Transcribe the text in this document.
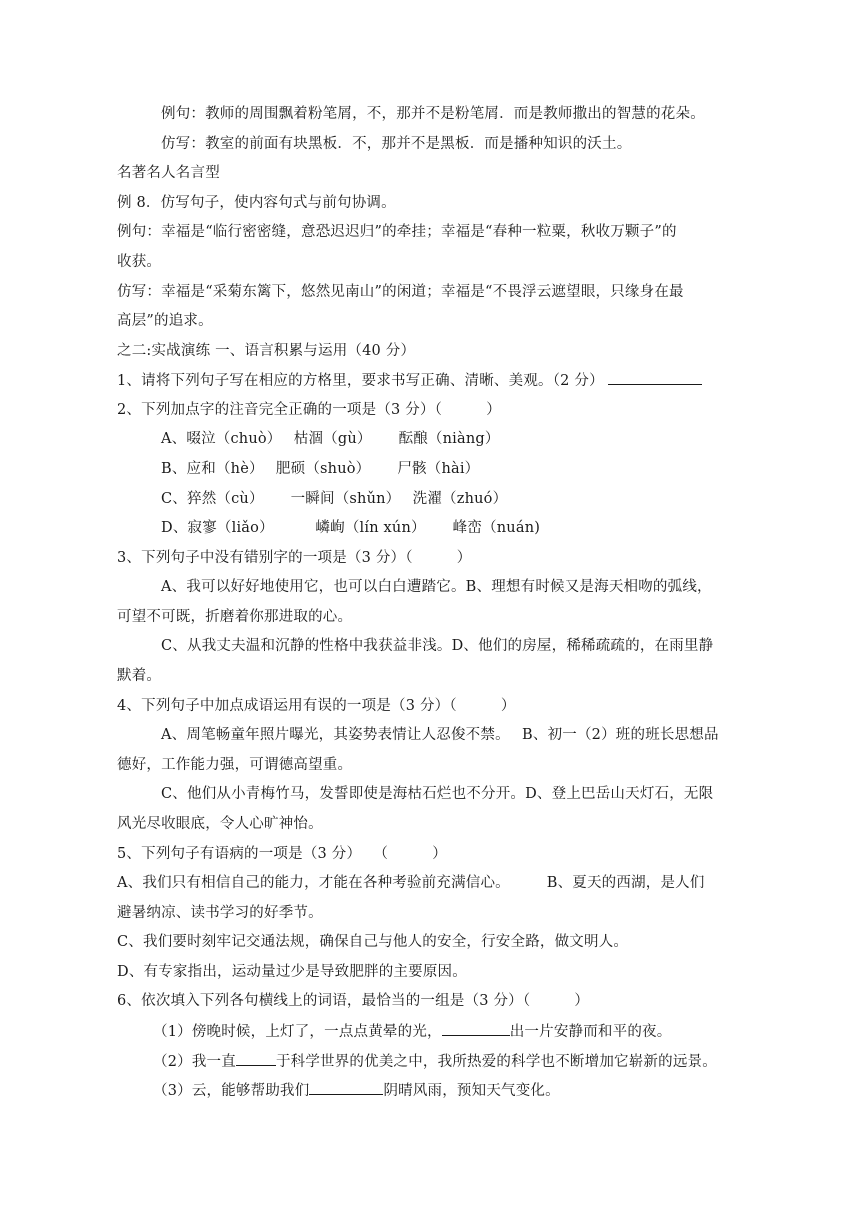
例句：教师的周围飘着粉笔屑，不，那并不是粉笔屑．而是教师撒出的智慧的花朵。
仿写：教室的前面有块黑板．不，那并不是黑板．而是播种知识的沃土。
名著名人名言型
例 8．仿写句子，使内容句式与前句协调。
例句：幸福是“临行密密缝，意恐迟迟归”的牵挂；幸福是“春种一粒粟，秋收万颗子”的
收获。
仿写：幸福是“采菊东篱下，悠然见南山”的闲道；幸福是“不畏浮云遮望眼，只缘身在最
高层”的追求。
之二:实战演练 一、语言积累与运用（40 分）
1、请将下列句子写在相应的方格里，要求书写正确、清晰、美观。（2 分）
2、下列加点字的注音完全正确的一项是（3 分）（　　　）
A、啜泣（chuò）　 枯涸（gù）　　 酝酿（niàng）
B、应和（hè）　 肥硕（shuò）　　 尸骸（hài）
C、猝然（cù）　　 一瞬间（shǔn）　 洗濯（zhuó）
D、寂寥（liǎo）　　　 嶙峋（lín xún）　　 峰峦（nuán)
3、下列句子中没有错别字的一项是（3 分）（　　　）
A、我可以好好地使用它，也可以白白遭踏它。B、理想有时候又是海天相吻的弧线，
可望不可既，折磨着你那进取的心。
C、从我丈夫温和沉静的性格中我获益非浅。D、他们的房屋，稀稀疏疏的，在雨里静
默着。
4、下列句子中加点成语运用有误的一项是（3 分）（　　　）
A、周笔畅童年照片曝光，其姿势表情让人忍俊不禁。　 B、初一（2）班的班长思想品
德好，工作能力强，可谓德高望重。
C、他们从小青梅竹马，发誓即使是海枯石烂也不分开。D、登上巴岳山天灯石，无限
风光尽收眼底，令人心旷神怡。
5、下列句子有语病的一项是（3 分）　 （　　　）
A、我们只有相信自己的能力，才能在各种考验前充满信心。　　　B、夏天的西湖，是人们
避暑纳凉、读书学习的好季节。
C、我们要时刻牢记交通法规，确保自己与他人的安全，行安全路，做文明人。
D、有专家指出，运动量过少是导致肥胖的主要原因。
6、依次填入下列各句横线上的词语，最恰当的一组是（3 分）（　　　）
（1）傍晚时候，上灯了，一点点黄晕的光，	出一片安静而和平的夜。
（2）我一直	于科学世界的优美之中，我所热爱的科学也不断增加它崭新的远景。
（3）云，能够帮助我们	阴晴风雨，预知天气变化。
